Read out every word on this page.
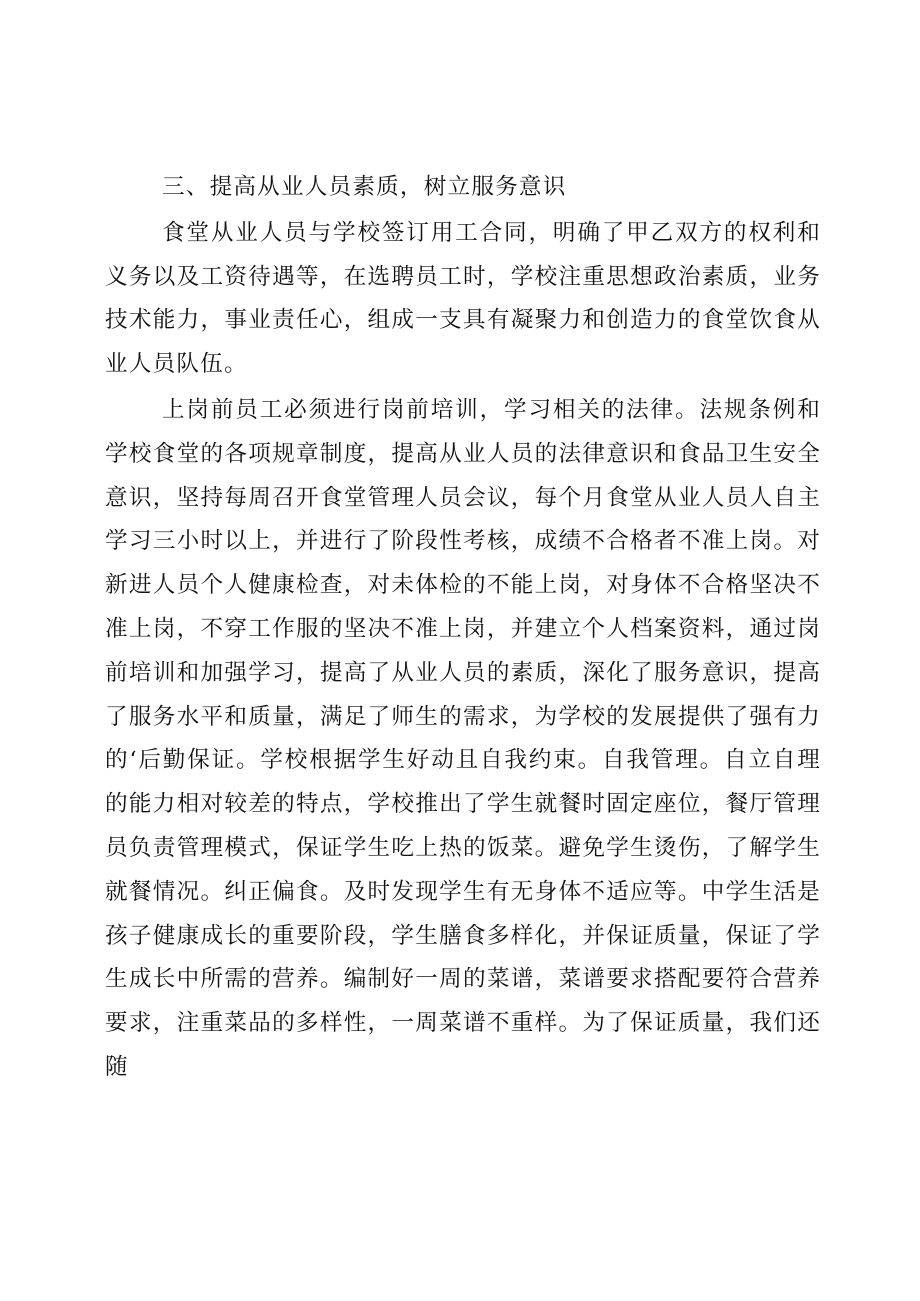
三、提高从业人员素质，树立服务意识

食堂从业人员与学校签订用工合同，明确了甲乙双方的权利和义务以及工资待遇等，在选聘员工时，学校注重思想政治素质，业务技术能力，事业责任心，组成一支具有凝聚力和创造力的食堂饮食从业人员队伍。

上岗前员工必须进行岗前培训，学习相关的法律。法规条例和学校食堂的各项规章制度，提高从业人员的法律意识和食品卫生安全意识，坚持每周召开食堂管理人员会议，每个月食堂从业人员人自主学习三小时以上，并进行了阶段性考核，成绩不合格者不准上岗。对新进人员个人健康检查，对未体检的不能上岗，对身体不合格坚决不准上岗，不穿工作服的坚决不准上岗，并建立个人档案资料，通过岗前培训和加强学习，提高了从业人员的素质，深化了服务意识，提高了服务水平和质量，满足了师生的需求，为学校的发展提供了强有力的‘后勤保证。学校根据学生好动且自我约束。自我管理。自立自理的能力相对较差的特点，学校推出了学生就餐时固定座位，餐厅管理员负责管理模式，保证学生吃上热的饭菜。避免学生烫伤，了解学生就餐情况。纠正偏食。及时发现学生有无身体不适应等。中学生活是孩子健康成长的重要阶段，学生膳食多样化，并保证质量，保证了学生成长中所需的营养。编制好一周的菜谱，菜谱要求搭配要符合营养要求，注重菜品的多样性，一周菜谱不重样。为了保证质量，我们还随
